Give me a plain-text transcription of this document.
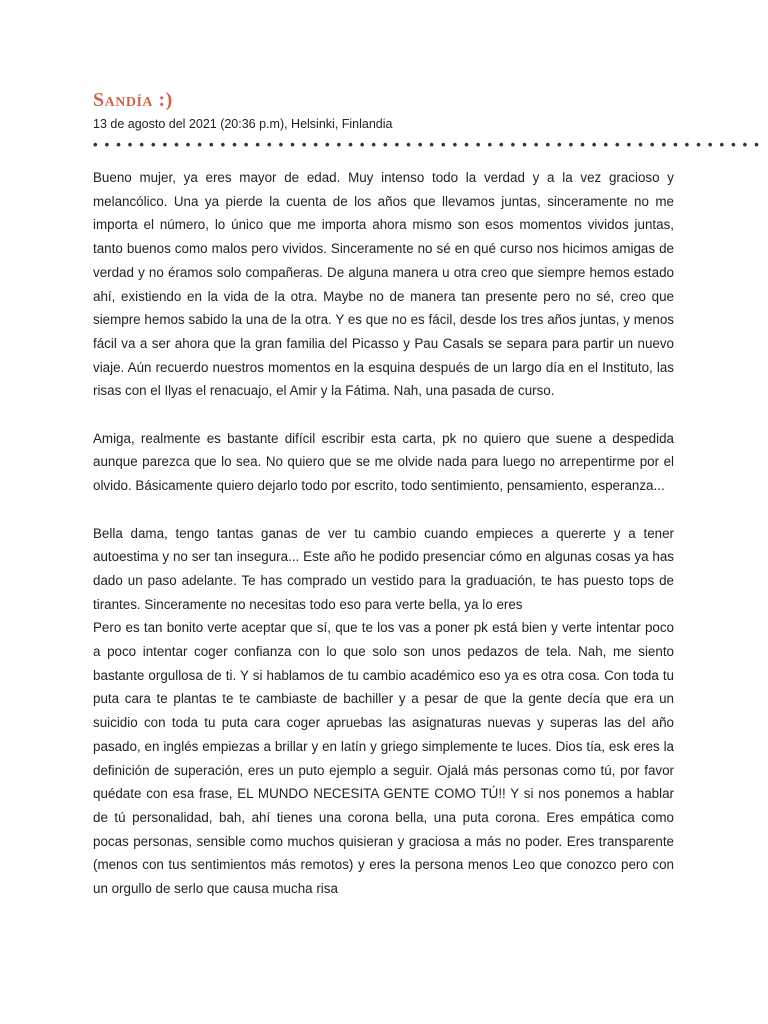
Sandía :)
13 de agosto del 2021 (20:36 p.m), Helsinki, Finlandia
••••••••••••••••••••••••••••••••••••••••••••••••••••••••••

Bueno mujer, ya eres mayor de edad. Muy intenso todo la verdad y a la vez gracioso y melancólico. Una ya pierde la cuenta de los años que llevamos juntas, sinceramente no me importa el número, lo único que me importa ahora mismo son esos momentos vividos juntas, tanto buenos como malos pero vividos. Sinceramente no sé en qué curso nos hicimos amigas de verdad y no éramos solo compañeras. De alguna manera u otra creo que siempre hemos estado ahí, existiendo en la vida de la otra. Maybe no de manera tan presente pero no sé, creo que siempre hemos sabido la una de la otra. Y es que no es fácil, desde los tres años juntas, y menos fácil va a ser ahora que la gran familia del Picasso y Pau Casals se separa para partir un nuevo viaje. Aún recuerdo nuestros momentos en la esquina después de un largo día en el Instituto, las risas con el Ilyas el renacuajo, el Amir y la Fátima. Nah, una pasada de curso.

Amiga, realmente es bastante difícil escribir esta carta, pk no quiero que suene a despedida aunque parezca que lo sea. No quiero que se me olvide nada para luego no arrepentirme por el olvido. Básicamente quiero dejarlo todo por escrito, todo sentimiento, pensamiento, esperanza...

Bella dama, tengo tantas ganas de ver tu cambio cuando empieces a quererte y a tener autoestima y no ser tan insegura... Este año he podido presenciar cómo en algunas cosas ya has dado un paso adelante. Te has comprado un vestido para la graduación, te has puesto tops de tirantes. Sinceramente no necesitas todo eso para verte bella, ya lo eres

Pero es tan bonito verte aceptar que sí, que te los vas a poner pk está bien y verte intentar poco a poco intentar coger confianza con lo que solo son unos pedazos de tela. Nah, me siento bastante orgullosa de ti. Y si hablamos de tu cambio académico eso ya es otra cosa. Con toda tu puta cara te plantas te te cambiaste de bachiller y a pesar de que la gente decía que era un suicidio con toda tu puta cara coger apruebas las asignaturas nuevas y superas las del año pasado, en inglés empiezas a brillar y en latín y griego simplemente te luces. Dios tía, esk eres la definición de superación, eres un puto ejemplo a seguir. Ojalá más personas como tú, por favor quédate con esa frase, EL MUNDO NECESITA GENTE COMO TÚ!! Y si nos ponemos a hablar de tú personalidad, bah, ahí tienes una corona bella, una puta corona. Eres empática como pocas personas, sensible como muchos quisieran y graciosa a más no poder. Eres transparente (menos con tus sentimientos más remotos) y eres la persona menos Leo que conozco pero con un orgullo de serlo que causa mucha risa
